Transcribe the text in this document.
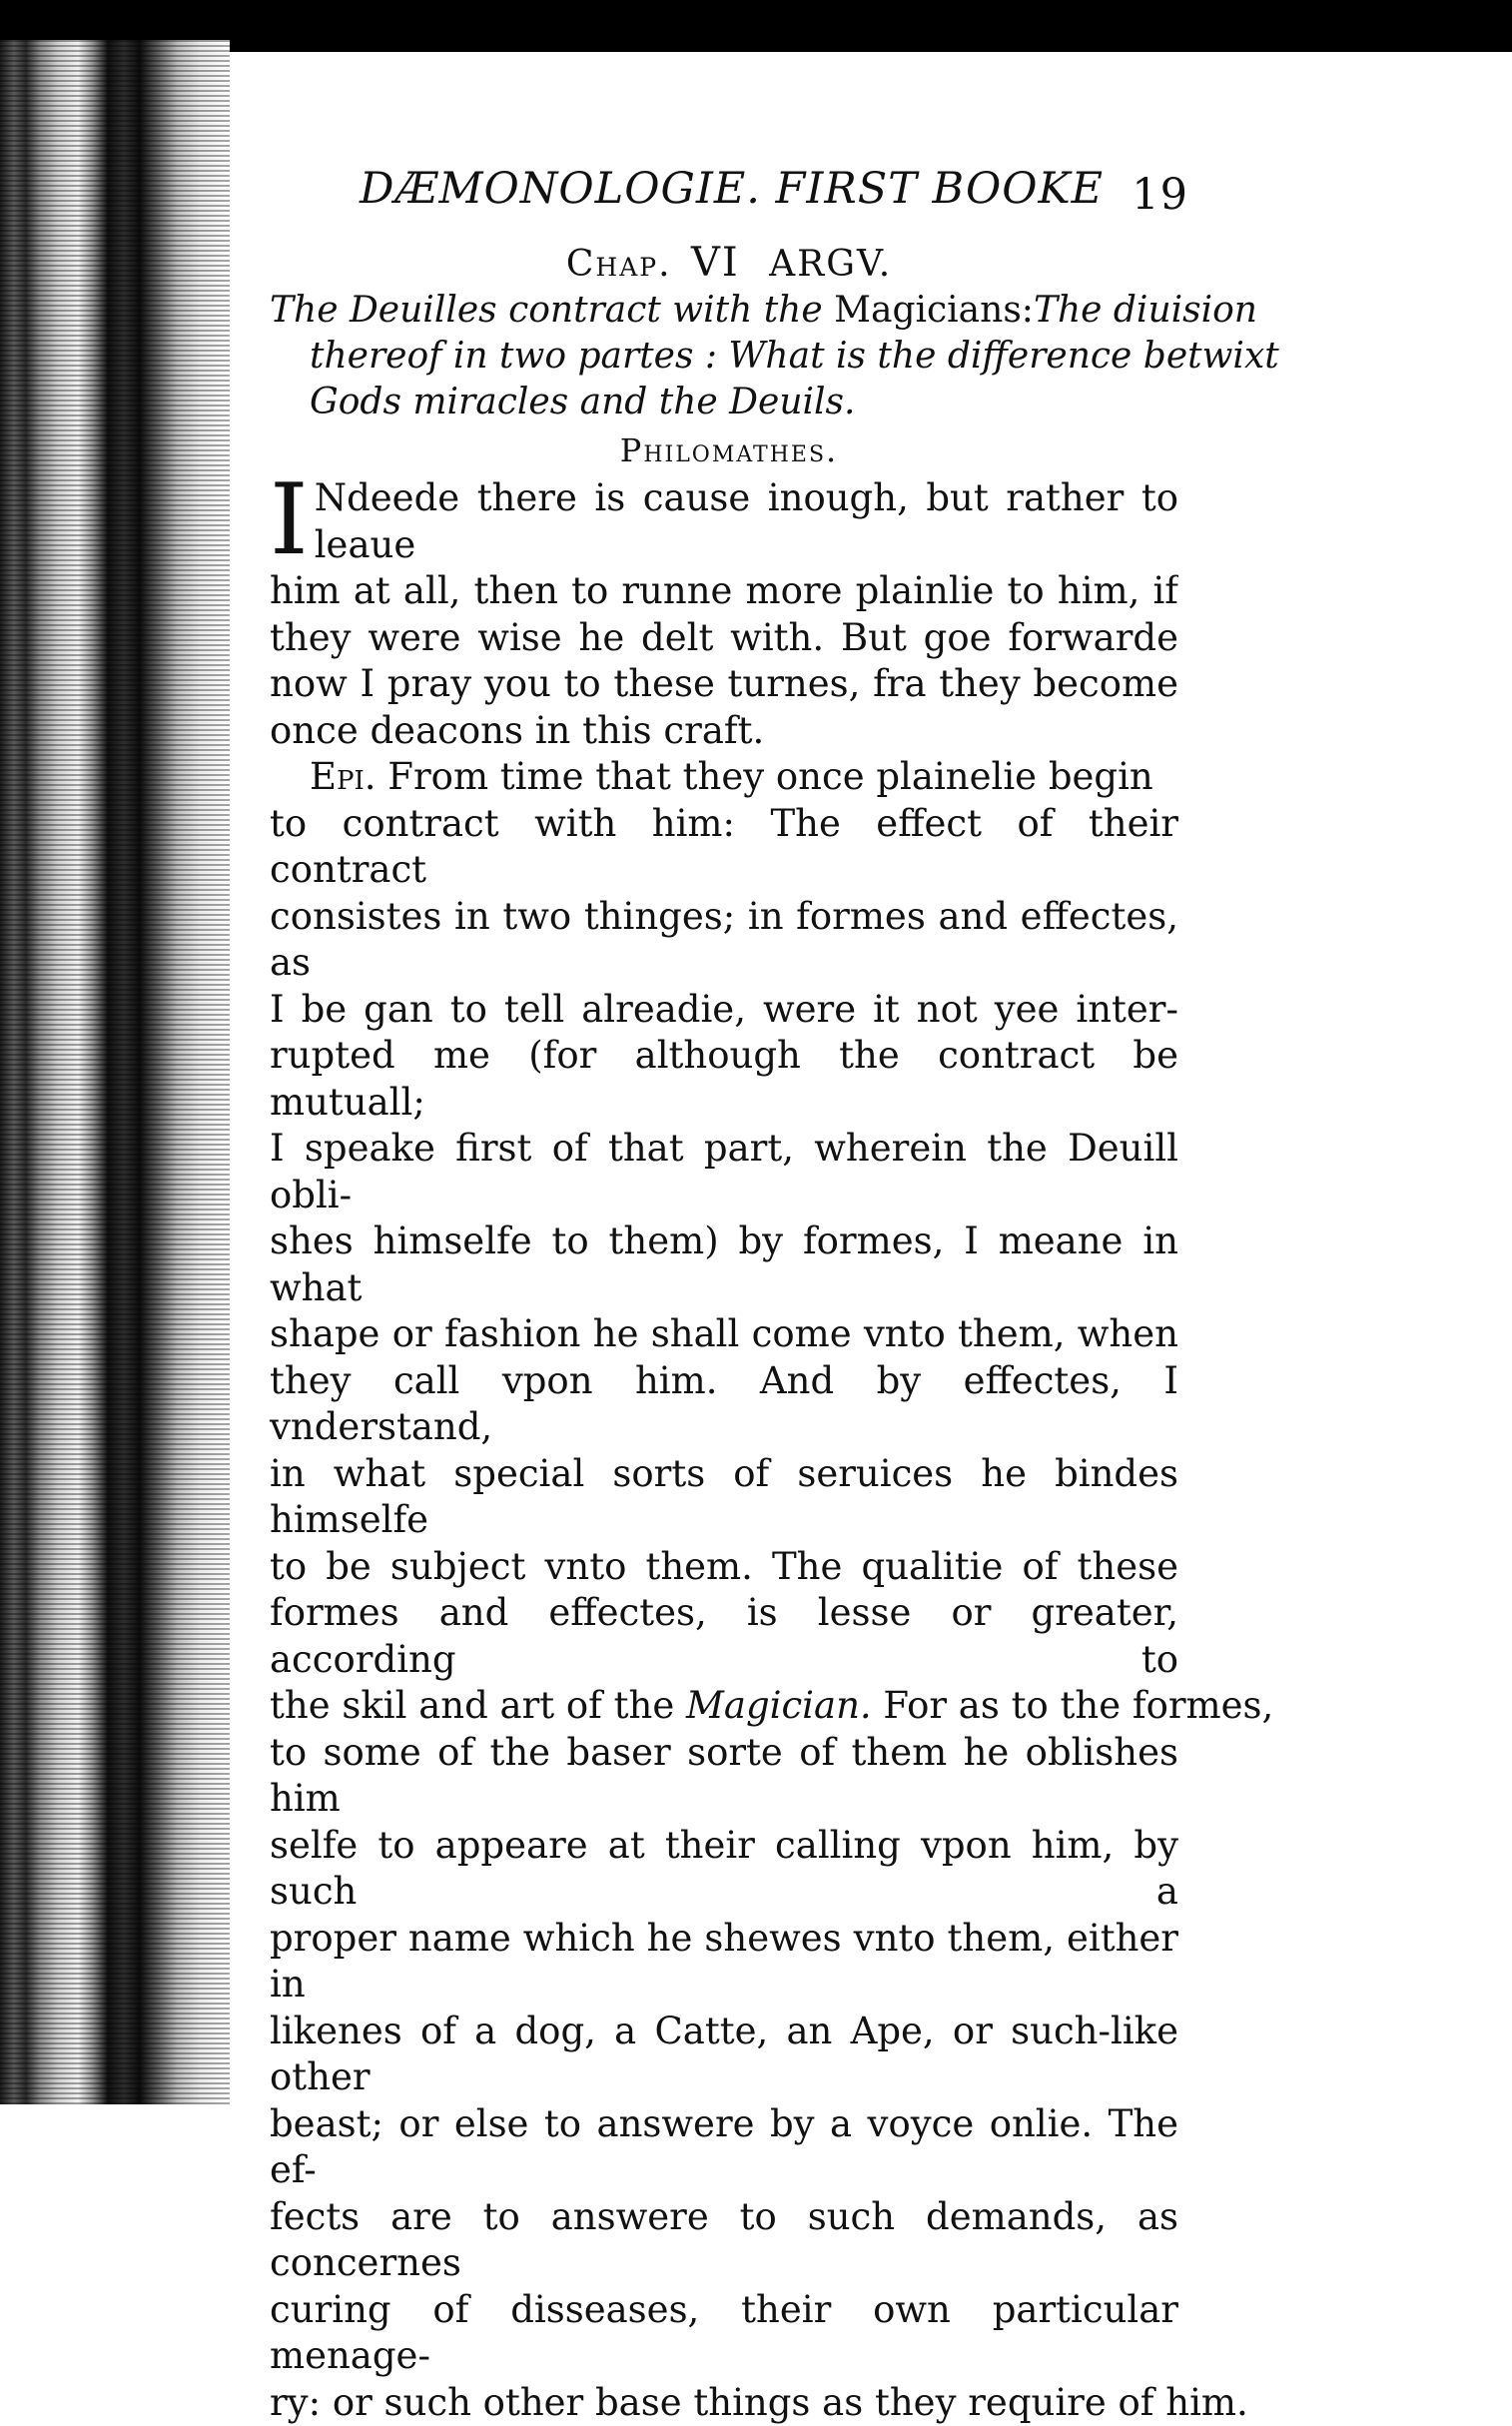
DÆMONOLOGIE. FIRST BOOKE 19
Chap. VI ARGV.
The Deuilles contract with the Magicians:The diuision
thereof in two partes : What is the difference betwixt
Gods miracles and the Deuils.
Philomathes.
I Ndeede there is cause inough, but rather to leaue
him at all, then to runne more plainlie to him, if
they were wise he delt with. But goe forwarde
now I pray you to these turnes, fra they become
once deacons in this craft.
Epi. From time that they once plainelie begin
to contract with him: The effect of their contract
consistes in two thinges; in formes and effectes, as
I be gan to tell alreadie, were it not yee inter-
rupted me (for although the contract be mutuall;
I speake first of that part, wherein the Deuill obli-
shes himselfe to them) by formes, I meane in what
shape or fashion he shall come vnto them, when
they call vpon him. And by effectes, I vnderstand,
in what special sorts of seruices he bindes himselfe
to be subject vnto them. The qualitie of these
formes and effectes, is lesse or greater, according to
the skil and art of the Magician. For as to the formes,
to some of the baser sorte of them he oblishes him
selfe to appeare at their calling vpon him, by such a
proper name which he shewes vnto them, either in
likenes of a dog, a Catte, an Ape, or such-like other
beast; or else to answere by a voyce onlie. The ef-
fects are to answere to such demands, as concernes
curing of disseases, their own particular menage-
ry: or such other base things as they require of him.
